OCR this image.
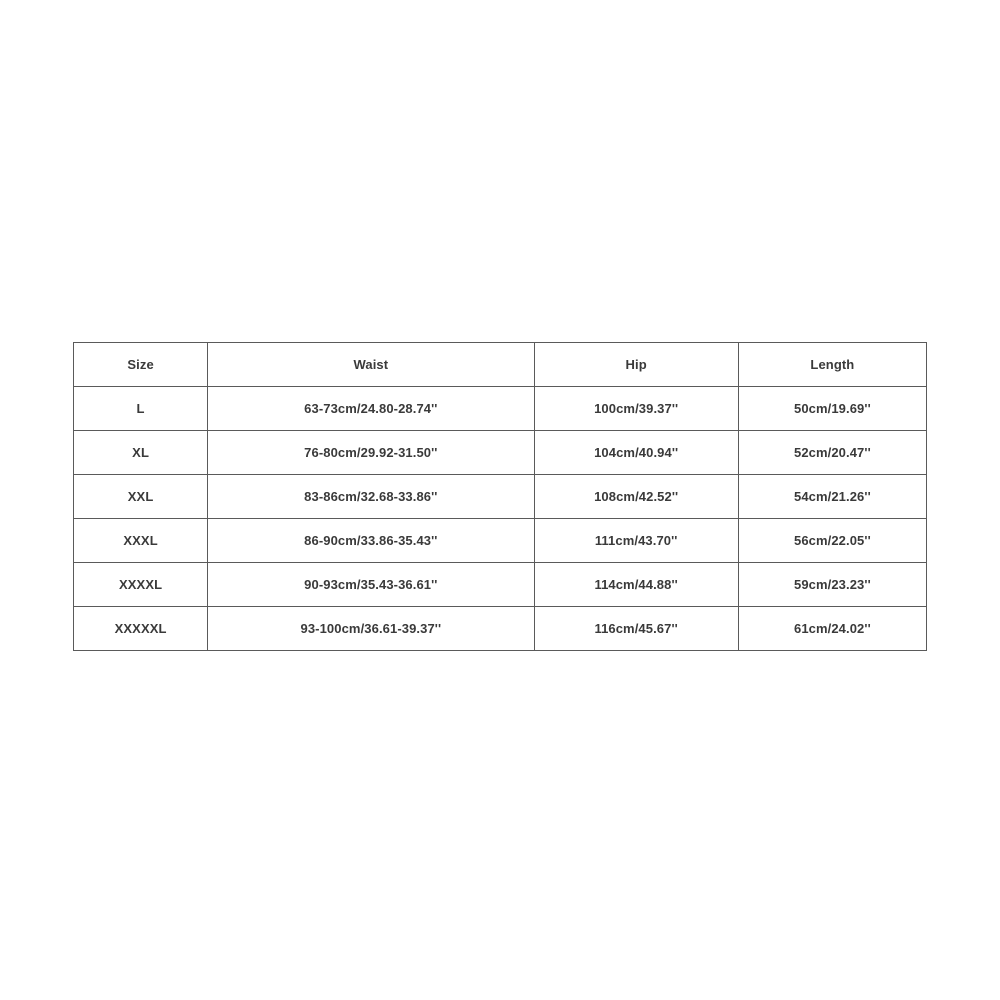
Size	Waist	Hip	Length
L	63-73cm/24.80-28.74''	100cm/39.37''	50cm/19.69''
XL	76-80cm/29.92-31.50''	104cm/40.94''	52cm/20.47''
XXL	83-86cm/32.68-33.86''	108cm/42.52''	54cm/21.26''
XXXL	86-90cm/33.86-35.43''	111cm/43.70''	56cm/22.05''
XXXXL	90-93cm/35.43-36.61''	114cm/44.88''	59cm/23.23''
XXXXXL	93-100cm/36.61-39.37''	116cm/45.67''	61cm/24.02''
